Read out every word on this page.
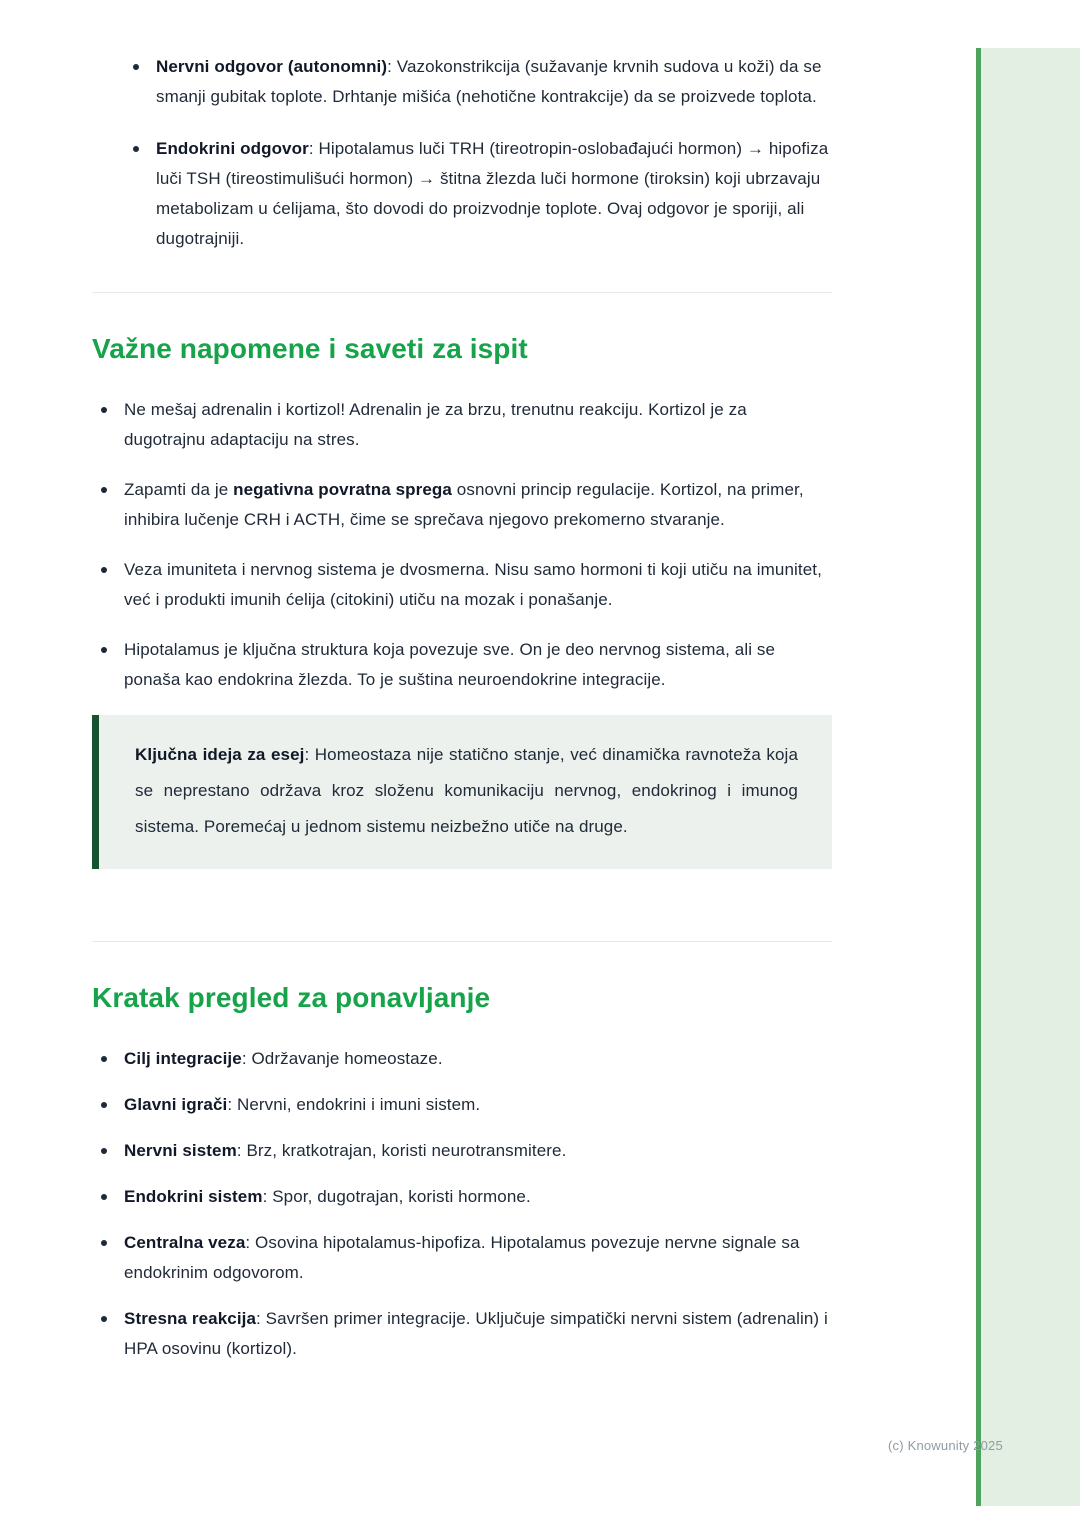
Nervni odgovor (autonomni): Vazokonstrikcija (sužavanje krvnih sudova u koži) da se smanji gubitak toplote. Drhtanje mišića (nehotične kontrakcije) da se proizvede toplota.
Endokrini odgovor: Hipotalamus luči TRH (tireotropin-oslobađajući hormon) → hipofiza luči TSH (tireostimulišući hormon) → štitna žlezda luči hormone (tiroksin) koji ubrzavaju metabolizam u ćelijama, što dovodi do proizvodnje toplote. Ovaj odgovor je sporiji, ali dugotrajniji.
Važne napomene i saveti za ispit
Ne mešaj adrenalin i kortizol! Adrenalin je za brzu, trenutnu reakciju. Kortizol je za dugotrajnu adaptaciju na stres.
Zapamti da je negativna povratna sprega osnovni princip regulacije. Kortizol, na primer, inhibira lučenje CRH i ACTH, čime se sprečava njegovo prekomerno stvaranje.
Veza imuniteta i nervnog sistema je dvosmerna. Nisu samo hormoni ti koji utiču na imunitet, već i produkti imunih ćelija (citokini) utiču na mozak i ponašanje.
Hipotalamus je ključna struktura koja povezuje sve. On je deo nervnog sistema, ali se ponaša kao endokrina žlezda. To je suština neuroendokrine integracije.

Ključna ideja za esej: Homeostaza nije statično stanje, već dinamička ravnoteža koja se neprestano održava kroz složenu komunikaciju nervnog, endokrinog i imunog sistema. Poremećaj u jednom sistemu neizbežno utiče na druge.

Kratak pregled za ponavljanje
Cilj integracije: Održavanje homeostaze.
Glavni igrači: Nervni, endokrini i imuni sistem.
Nervni sistem: Brz, kratkotrajan, koristi neurotransmitere.
Endokrini sistem: Spor, dugotrajan, koristi hormone.
Centralna veza: Osovina hipotalamus-hipofiza. Hipotalamus povezuje nervne signale sa endokrinim odgovorom.
Stresna reakcija: Savršen primer integracije. Uključuje simpatički nervni sistem (adrenalin) i HPA osovinu (kortizol).
(c) Knowunity 2025
